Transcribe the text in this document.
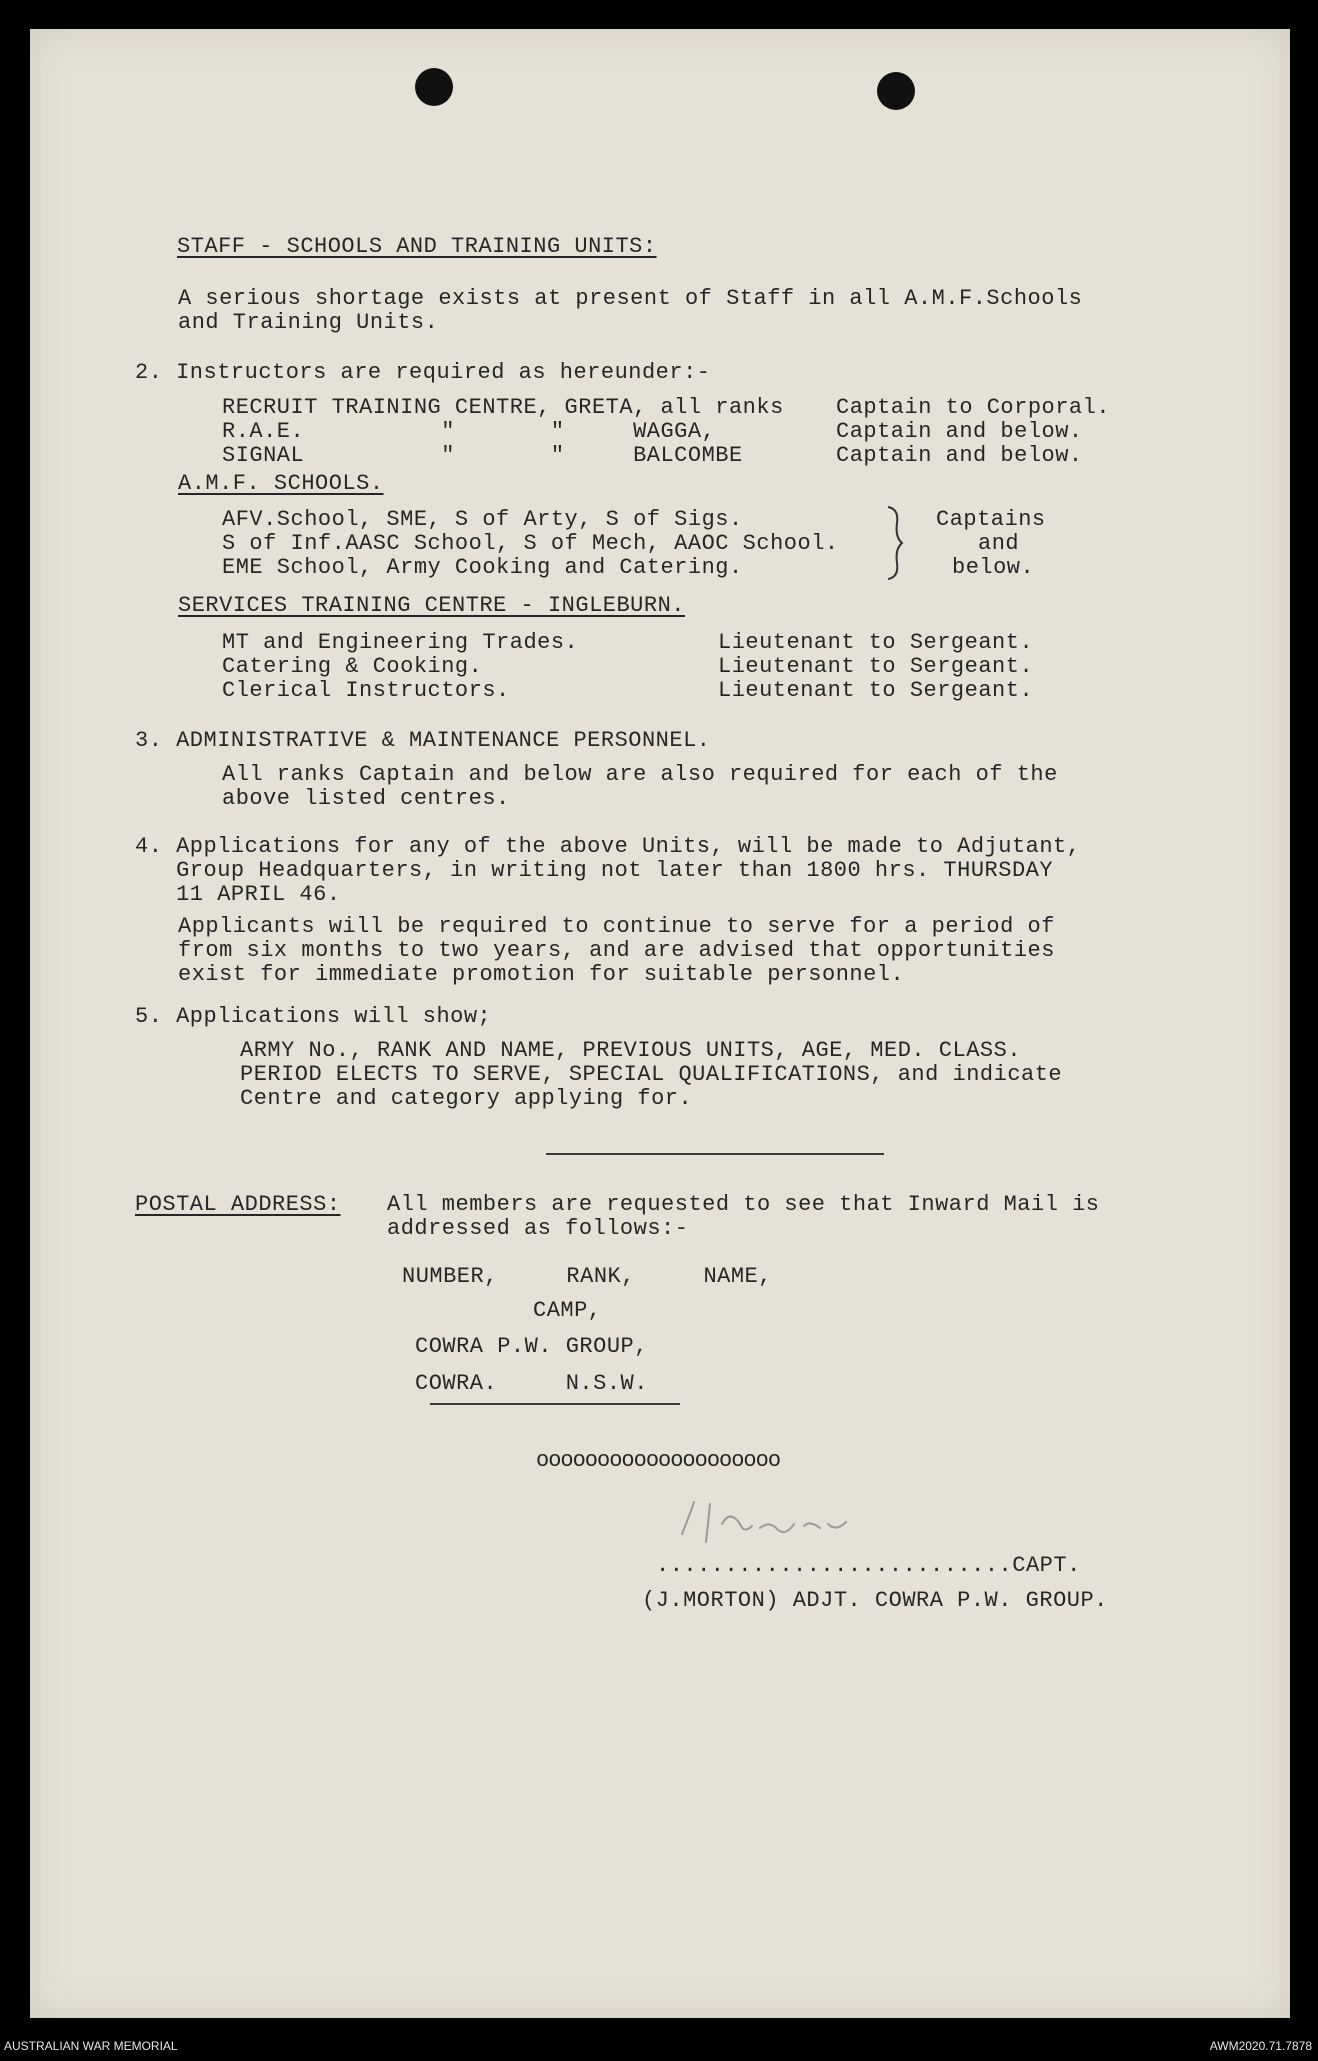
STAFF - SCHOOLS AND TRAINING UNITS:
A serious shortage exists at present of Staff in all A.M.F.Schools
and Training Units.
2. Instructors are required as hereunder:-
RECRUIT TRAINING CENTRE, GRETA, all ranks Captain to Corporal.
R.A.E.          "       "     WAGGA,	Captain and below.
SIGNAL          "       "     BALCOMBE	Captain and below.
A.M.F. SCHOOLS.
AFV.School, SME, S of Arty, S of Sigs.
S of Inf.AASC School, S of Mech, AAOC School.
EME School, Army Cooking and Catering.
Captains
and
below.
SERVICES TRAINING CENTRE - INGLEBURN.
MT and Engineering Trades.	Lieutenant to Sergeant.
Catering & Cooking.	Lieutenant to Sergeant.
Clerical Instructors.	Lieutenant to Sergeant.
3. ADMINISTRATIVE & MAINTENANCE PERSONNEL.
All ranks Captain and below are also required for each of the
above listed centres.
4. Applications for any of the above Units, will be made to Adjutant,
Group Headquarters, in writing not later than 1800 hrs. THURSDAY
11 APRIL 46.
Applicants will be required to continue to serve for a period of
from six months to two years, and are advised that opportunities
exist for immediate promotion for suitable personnel.
5. Applications will show;
ARMY No., RANK AND NAME, PREVIOUS UNITS, AGE, MED. CLASS.
PERIOD ELECTS TO SERVE, SPECIAL QUALIFICATIONS, and indicate
Centre and category applying for.
POSTAL ADDRESS: All members are requested to see that Inward Mail is
addressed as follows:-
NUMBER,     RANK,     NAME,
CAMP,
COWRA P.W. GROUP,
COWRA.     N.S.W.
oooooooooooooooooooo
..........................CAPT.
(J.MORTON) ADJT. COWRA P.W. GROUP.
AUSTRALIAN WAR MEMORIAL	AWM2020.71.7878
